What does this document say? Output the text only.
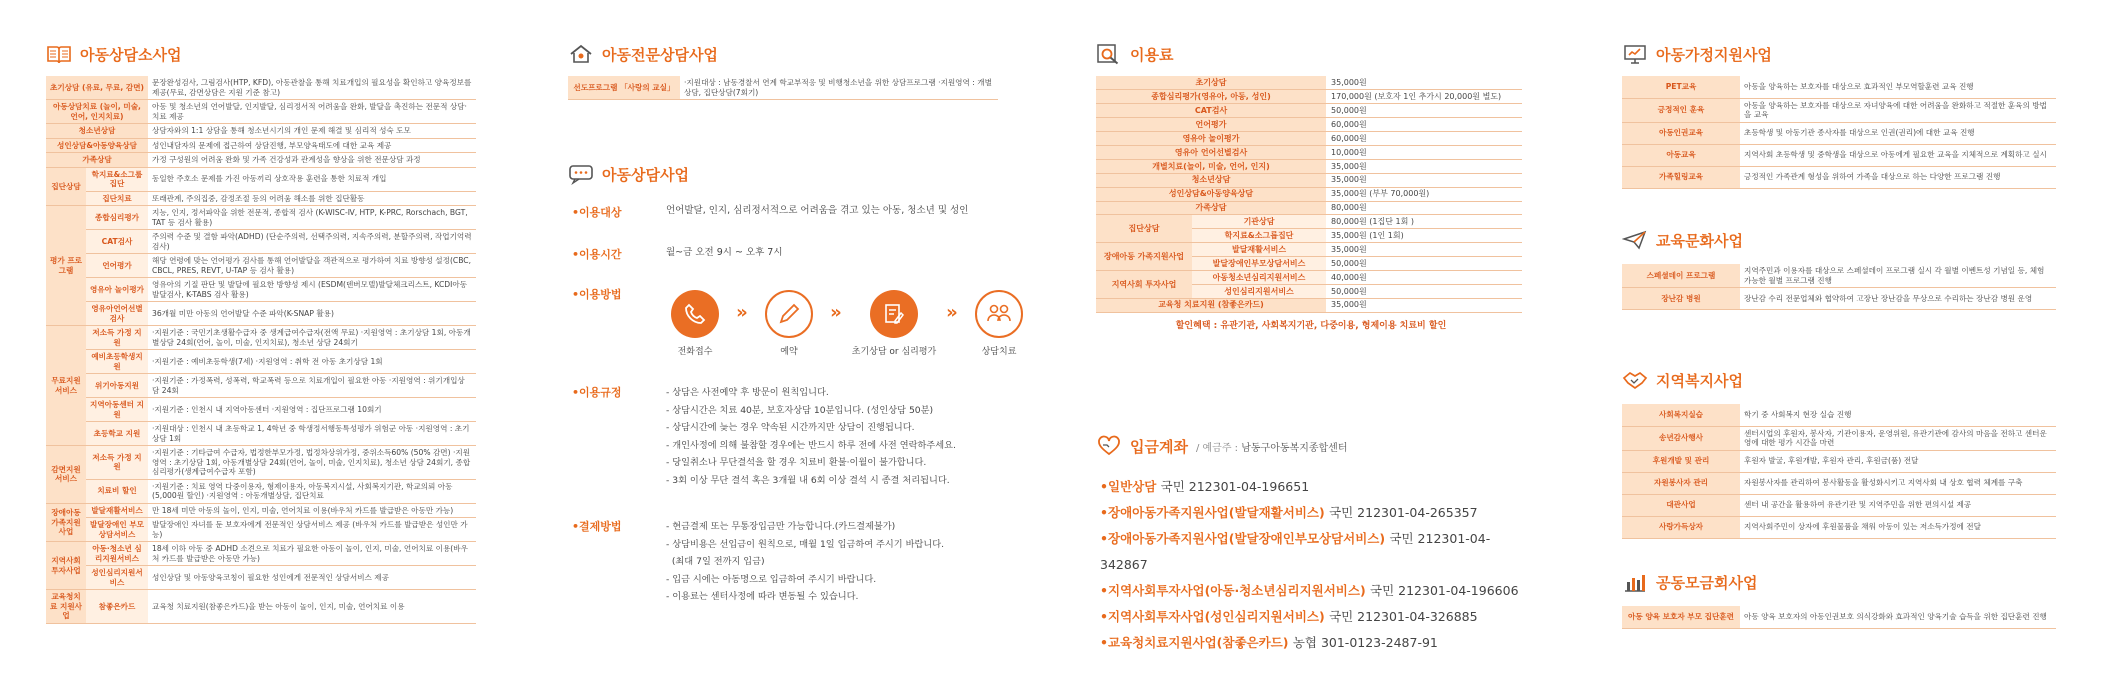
아동상담소사업
초기상담 (유료, 무료, 감면)		문장완성검사, 그림검사(HTP, KFD), 아동관찰을 통해 치료개입의 필요성을 확인하고 양육정보를 제공(무료, 감면상담은 지원 기준 참고)
아동상담치료 (놀이, 미술, 언어, 인지치료)		아동 및 청소년의 언어발달, 인지발달, 심리정서적 어려움을 완화, 발달을 촉진하는 전문적 상담·치료 제공
청소년상담		상담자와의 1:1 상담을 통해 청소년시기의 개인 문제 해결 및 심리적 성숙 도모
성인상담&아동양육상담		성인내담자의 문제에 접근하여 상담진행, 부모양육태도에 대한 교육 제공
가족상담		가정 구성원의 어려움 완화 및 가족 건강성과 관계성을 향상을 위한 전문상담 과정
집단상담	학지료&소그룹집단	동일한 주호소 문제를 가진 아동끼리 상호작용 훈련을 통한 치료적 개입
	집단치료	또래관계, 주의집중, 감정조절 등의 어려움 해소를 위한 집단활동
평가 프로그램	종합심리평가	지능, 인지, 정서파악을 위한 전문적, 종합적 검사 (K-WISC-Ⅳ, HTP, K-PRC, Rorschach, BGT, TAT 등 검사 활용)
	CAT검사	주의력 수준 및 결함 파악(ADHD) (단순주의력, 선택주의력, 지속주의력, 분할주의력, 작업기억력 검사)
	언어평가	해당 연령에 맞는 언어평가 검사를 통해 언어발달을 객관적으로 평가하여 치료 방향성 설정(CBC, CBCL, PRES, REVT, U-TAP 등 검사 활용)
	영유아 놀이평가	영유아의 기질 판단 및 발달에 필요한 방향성 제시 (ESDM(덴버모델)발달체크리스트, KCDI아동발달검사, K-TABS 검사 활용)
	영유아언어선별검사	36개월 미만 아동의 언어발달 수준 파악(K-SNAP 활용)
무료지원 서비스	저소득 가정 지원	·지원기준 : 국민기초생활수급자 중 생계급여수급자(전액 무료) ·지원영역 : 초기상담 1회, 아동개별상담 24회(언어, 놀이, 미술, 인지치료), 청소년 상담 24회기
	예비초등학생지원	·지원기준 : 예비초등학생(7세) ·지원영역 : 취학 전 아동 초기상담 1회
	위기아동지원	·지원기준 : 가정폭력, 성폭력, 학교폭력 등으로 치료개입이 필요한 아동 ·지원영역 : 위기개입상담 24회
	지역아동센터 지원	·지원기준 : 인천시 내 지역아동센터 ·지원영역 : 집단프로그램 10회기
	초등학교 지원	·지원대상 : 인천시 내 초등학교 1, 4학년 중 학생정서행동특성평가 위험군 아동 ·지원영역 : 초기상담 1회
감면지원 서비스	저소득 가정 지원	·지원기준 : 기타급여 수급자, 법정한부모가정, 법정차상위가정, 중위소득60% (50% 감면) ·지원영역 : 초기상담 1회, 아동개별상담 24회(언어, 놀이, 미술, 인지치료), 청소년 상담 24회기, 종합심리평가(생계급여수급자 포함)
	치료비 할인	·지원기준 : 치료 영역 다중이용자, 형제이용자, 아동복지시설, 사회복지기관, 학교의뢰 아동 (5,000원 할인) ·지원영역 : 아동개별상담, 집단치료
장애아동 가족지원 사업	발달재활서비스	만 18세 미만 아동의 놀이, 인지, 미술, 언어치료 이용(바우처 카드를 발급받은 아동만 가능)
	발달장애인 부모상담서비스	발달장애인 자녀를 둔 보호자에게 전문적인 상담서비스 제공 (바우처 카드를 발급받은 성인만 가능)
지역사회 투자사업	아동·청소년 심리지원서비스	18세 이하 아동 중 ADHD 소견으로 치료가 필요한 아동이 놀이, 인지, 미술, 언어치료 이용(바우처 카드를 발급받은 아동만 가능)
	성인심리지원서비스	성인상담 및 아동양육코칭이 필요한 성인에게 전문적인 상담서비스 제공
교육청치료 지원사업	참좋은카드	교육청 치료지원(참좋은카드)을 받는 아동이 놀이, 인지, 미술, 언어치료 이용
아동전문상담사업
선도프로그램 「사랑의 교실」	·지원대상 : 남동경찰서 연계 학교부적응 및 비행청소년을 위한 상담프로그램 ·지원영역 : 개별상담, 집단상담(7회기)
아동상담사업
•이용대상	언어발달, 인지, 심리정서적으로 어려움을 겪고 있는 아동, 청소년 및 성인
•이용시간	월~금 오전 9시 ~ 오후 7시
•이용방법
전화접수
»
예약
»
초기상담 or 심리평가
»
상담치료
•이용규정	- 상담은 사전예약 후 방문이 원칙입니다.
- 상담시간은 치료 40분, 보호자상담 10분입니다. (성인상담 50분)
- 상담시간에 늦는 경우 약속된 시간까지만 상담이 진행됩니다.
- 개인사정에 의해 불참할 경우에는 반드시 하루 전에 사전 연락하주세요.
- 당일취소나 무단결석을 할 경우 치료비 환불·이월이 불가합니다.
- 3회 이상 무단 결석 혹은 3개월 내 6회 이상 결석 시 종결 처리됩니다.
•결제방법	- 현금결제 또는 무통장입금만 가능합니다.(카드결제불가)
- 상담비용은 선입금이 원칙으로, 매월 1일 입금하여 주시기 바랍니다.
(최대 7일 전까지 입금)
- 입금 시에는 아동명으로 입금하여 주시기 바랍니다.
- 이용료는 센터사정에 따라 변동될 수 있습니다.
이용료
초기상담		35,000원
종합심리평가(영유아, 아동, 성인)		170,000원 (보호자 1인 추가시 20,000원 별도)
CAT검사		50,000원
언어평가		60,000원
영유아 놀이평가		60,000원
영유아 언어선별검사		10,000원
개별치료(놀이, 미술, 언어, 인지)		35,000원
청소년상담		35,000원
성인상담&아동양육상담		35,000원 (부부 70,000원)
가족상담		80,000원
집단상담	기관상담	80,000원 (1집단 1회 )
	학지료&소그룹집단	35,000원 (1인 1회)
장애아동 가족지원사업	발달재활서비스	35,000원
	발달장애인부모상담서비스	50,000원
지역사회 투자사업	아동청소년심리지원서비스	40,000원
	성인심리지원서비스	50,000원
교육청 치료지원 (참좋은카드)		35,000원
할인혜택 : 유관기관, 사회복지기관, 다중이용, 형제이용 치료비 할인
입금계좌 / 예금주 : 남동구아동복지종합센터
•일반상담 국민 212301-04-196651
•장애아동가족지원사업(발달재활서비스) 국민 212301-04-265357
•장애아동가족지원사업(발달장애인부모상담서비스) 국민 212301-04-342867
•지역사회투자사업(아동·청소년심리지원서비스) 국민 212301-04-196606
•지역사회투자사업(성인심리지원서비스) 국민 212301-04-326885
•교육청치료지원사업(참좋은카드) 농협 301-0123-2487-91
아동가정지원사업
PET교육	아동을 양육하는 보호자를 대상으로 효과적인 부모역할훈련 교육 진행
긍정적인 훈육	아동을 양육하는 보호자를 대상으로 자녀양육에 대한 어려움을 완화하고 적절한 훈육의 방법을 교육
아동인권교육	초등학생 및 아동기관 종사자를 대상으로 인권(권리)에 대한 교육 진행
아동교육	지역사회 초등학생 및 중학생을 대상으로 아동에게 필요한 교육을 지체적으로 계획하고 실시
가족힐링교육	긍정적인 가족관계 형성을 위하여 가족을 대상으로 하는 다양한 프로그램 진행
교육문화사업
스페셜데이 프로그램	지역주민과 이용자를 대상으로 스페셜데이 프로그램 실시 각 월별 이벤트성 기념일 등, 체험 가능한 월별 프로그램 진행
장난감 병원	장난감 수리 전문업체와 협약하여 고장난 장난감을 무상으로 수리하는 장난감 병원 운영
지역복지사업
사회복지실습	학기 중 사회복지 현장 실습 진행
송년감사행사	센터시업의 후원자, 봉사자, 기관이용자, 운영위원, 유관기관에 감사의 마음을 전하고 센터운영에 대한 평가 시간을 마련
후원개발 및 관리	후원자 발굴, 후원개발, 후원자 관리, 후원금(품) 전달
자원봉사자 관리	자원봉사자를 관리하여 봉사활동을 활성화시키고 지역사회 내 상호 협력 체계를 구축
대관사업	센터 내 공간을 활용하여 유관기관 및 지역주민을 위한 편의시설 제공
사랑가득상자	지역사회주민이 상자에 후원물품을 채워 아동이 있는 저소득가정에 전달
공동모금회사업
아동 양육 보호자 부모 집단훈련	아동 양육 보호자의 아동인권보호 의식강화와 효과적인 양육기술 습득을 위한 집단훈련 진행
